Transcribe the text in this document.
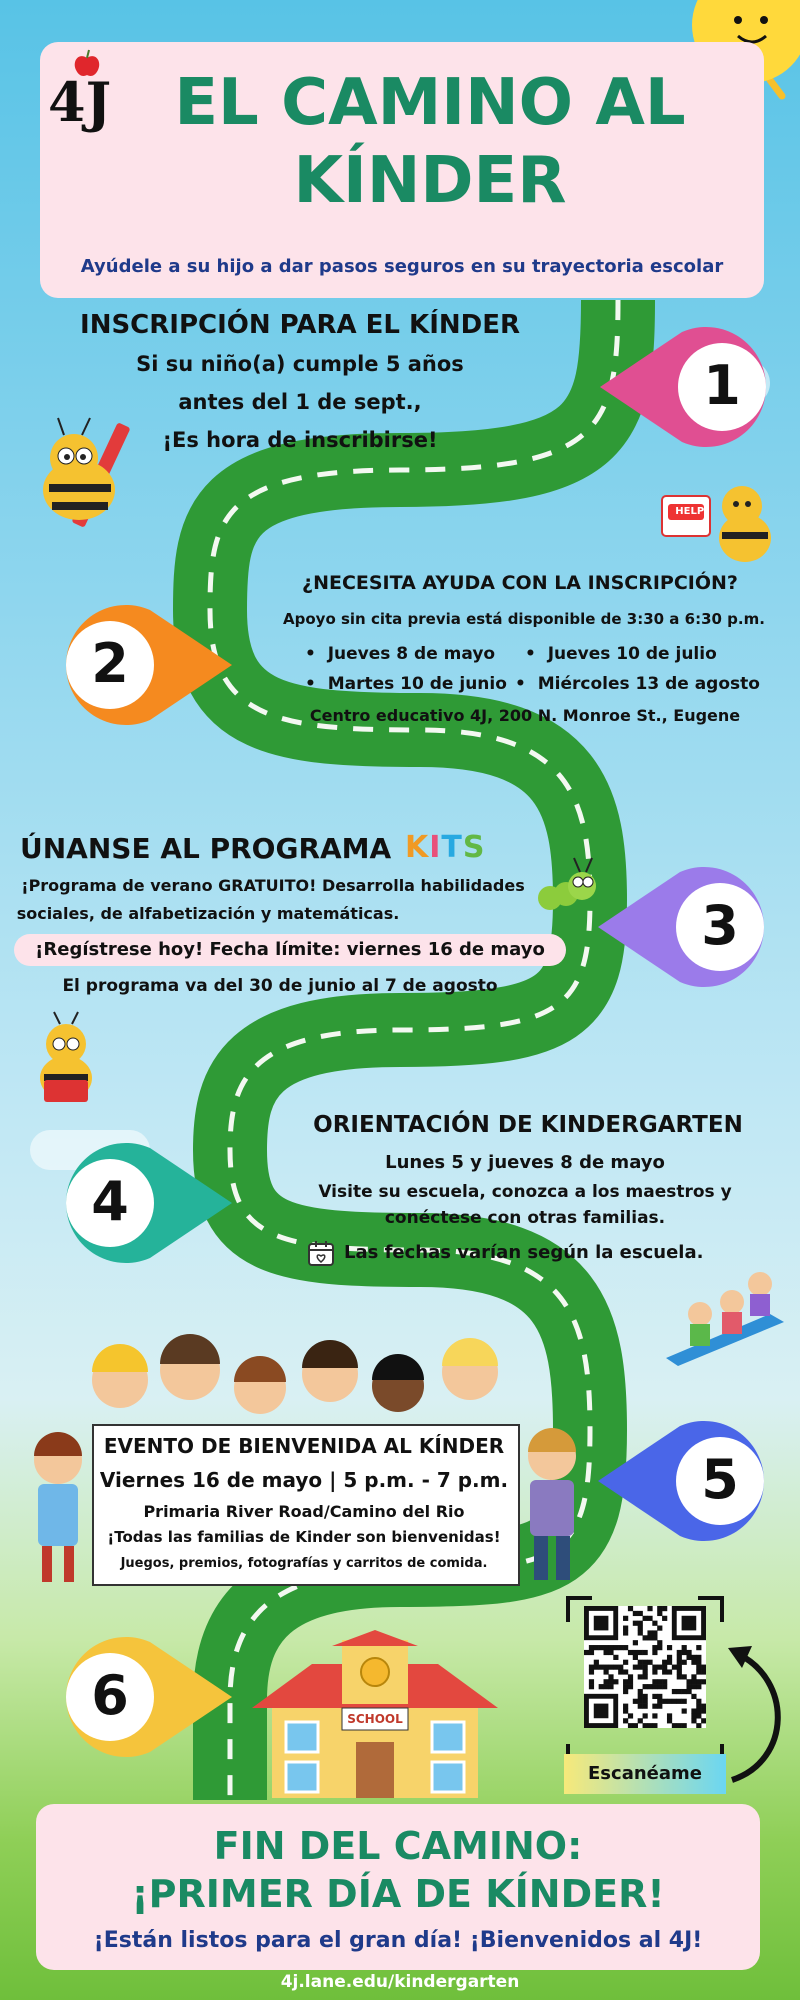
4J EL CAMINO AL
KÍNDER
Ayúdele a su hijo a dar pasos seguros en su trayectoria escolar
INSCRIPCIÓN PARA EL KÍNDER
Si su niño(a) cumple 5 años
antes del 1 de sept.,
¡Es hora de inscribirse!
1
HELP!
2
¿NECESITA AYUDA CON LA INSCRIPCIÓN?
Apoyo sin cita previa está disponible de 3:30 a 6:30 p.m.
•  Jueves 8 de mayo •  Jueves 10 de julio
•  Martes 10 de junio •  Miércoles 13 de agosto
Centro educativo 4J, 200 N. Monroe St., Eugene
ÚNANSE AL PROGRAMA KITS
¡Programa de verano GRATUITO! Desarrolla habilidades
sociales, de alfabetización y matemáticas.
¡Regístrese hoy! Fecha límite: viernes 16 de mayo
El programa va del 30 de junio al 7 de agosto
3
4
ORIENTACIÓN DE KINDERGARTEN
Lunes 5 y jueves 8 de mayo
Visite su escuela, conozca a los maestros y
conéctese con otras familias.
Las fechas varían según la escuela.
EVENTO DE BIENVENIDA AL KÍNDER
Viernes 16 de mayo | 5 p.m. - 7 p.m.
Primaria River Road/Camino del Rio
¡Todas las familias de Kinder son bienvenidas!
Juegos, premios, fotografías y carritos de comida.
5
6	SCHOOL
Escanéame
FIN DEL CAMINO:
¡PRIMER DÍA DE KÍNDER!
¡Están listos para el gran día! ¡Bienvenidos al 4J!
4j.lane.edu/kindergarten
